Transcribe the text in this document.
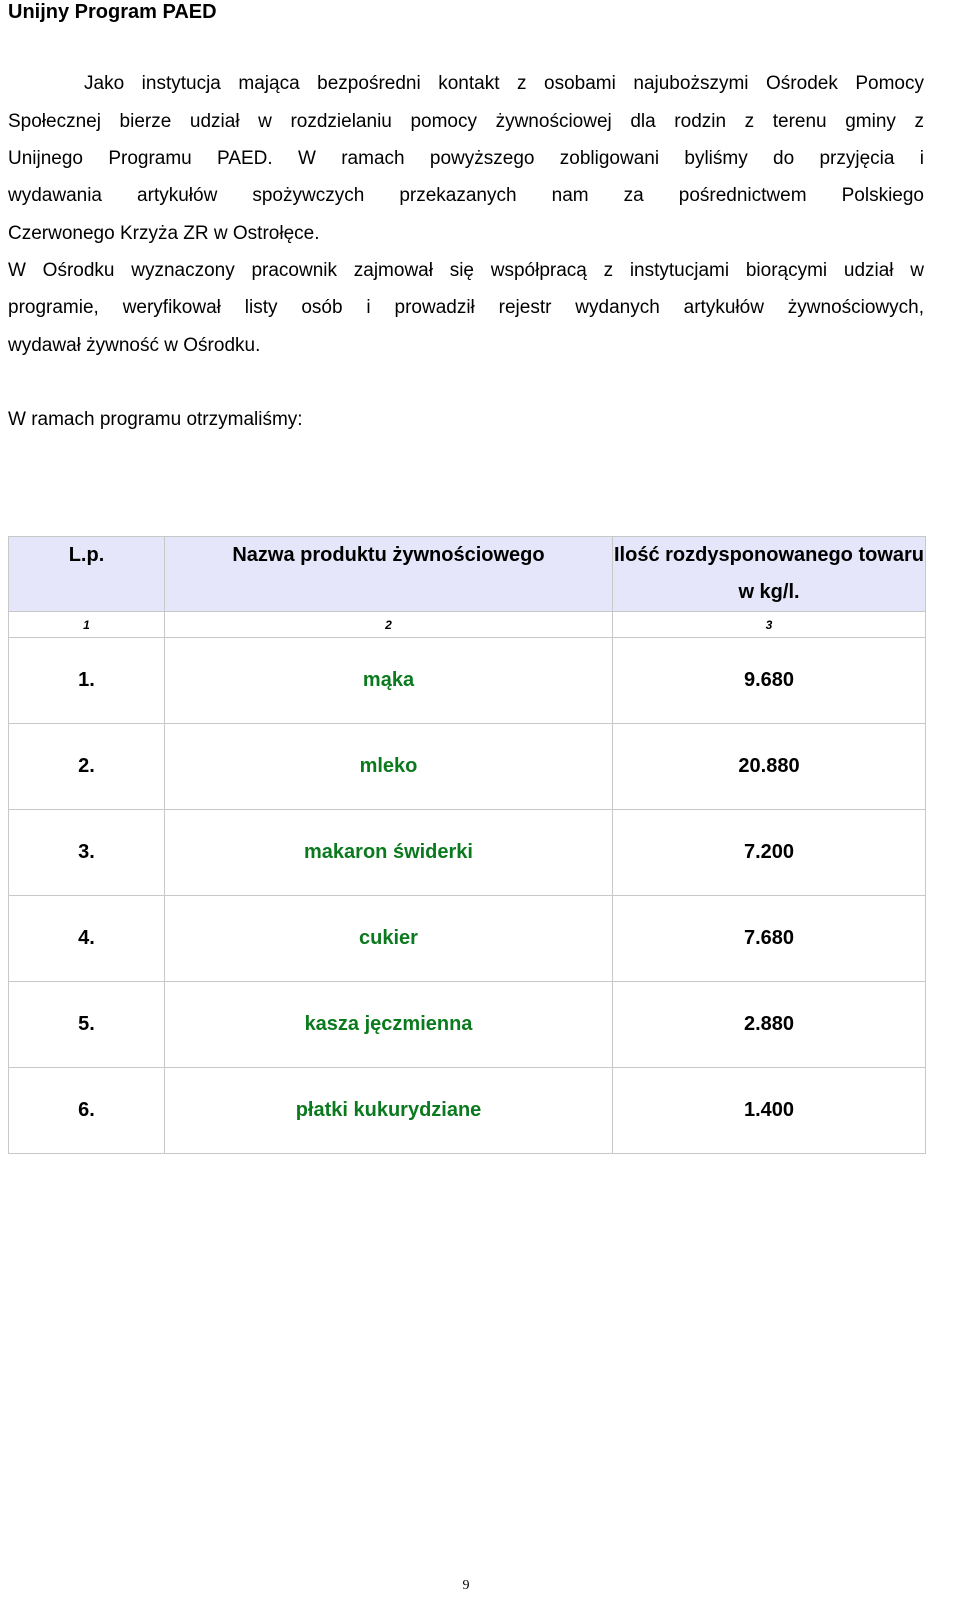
Unijny Program PAED
Jako instytucja mająca bezpośredni kontakt z osobami najuboższymi Ośrodek Pomocy
Społecznej bierze udział w rozdzielaniu pomocy żywnościowej dla rodzin z terenu gminy z
Unijnego Programu PAED. W ramach powyższego zobligowani byliśmy do przyjęcia i
wydawania artykułów spożywczych przekazanych nam za pośrednictwem Polskiego
Czerwonego Krzyża ZR w Ostrołęce.
W Ośrodku wyznaczony pracownik zajmował się współpracą z instytucjami biorącymi udział w
programie, weryfikował listy osób i prowadził rejestr wydanych artykułów żywnościowych,
wydawał żywność w Ośrodku.
W ramach programu otrzymaliśmy:
L.p.	Nazwa produktu żywnościowego	Ilość rozdysponowanego towaru w kg/l.
1	2	3
1.	mąka	9.680
2.	mleko	20.880
3.	makaron świderki	7.200
4.	cukier	7.680
5.	kasza jęczmienna	2.880
6.	płatki kukurydziane	1.400
9
